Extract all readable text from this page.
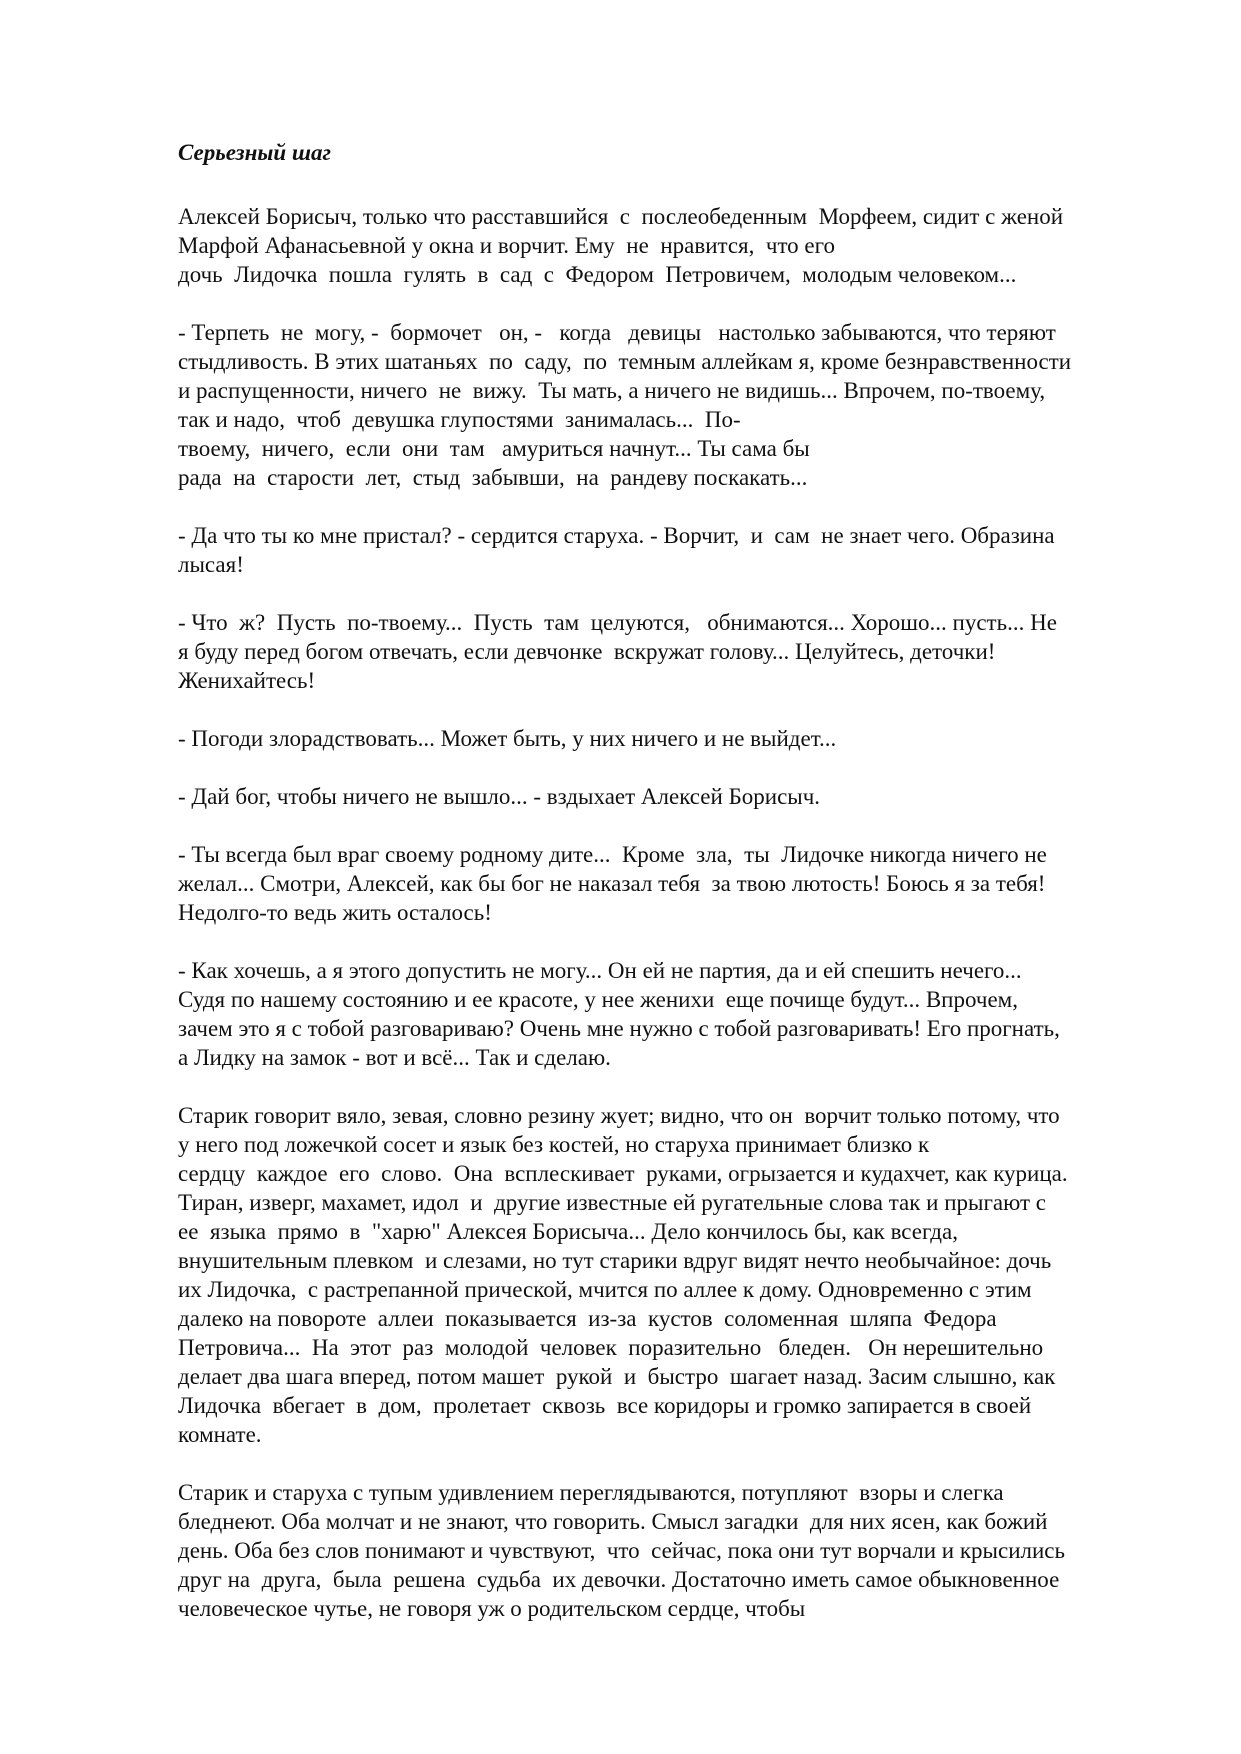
Серьезный шаг
Алексей Борисыч, только что расставшийся  с  послеобеденным  Морфеем, сидит с женой
Марфой Афанасьевной у окна и ворчит. Ему  не  нравится,  что его
дочь  Лидочка  пошла  гулять  в  сад  с  Федором  Петровичем,  молодым человеком...
- Терпеть  не  могу, -  бормочет   он, -   когда   девицы   настолько забываются, что теряют
стыдливость. В этих шатаньях  по  саду,  по  темным аллейкам я, кроме безнравственности
и распущенности, ничего  не  вижу.  Ты мать, а ничего не видишь... Впрочем, по-твоему,
так и надо,  чтоб  девушка глупостями  занималась...  По-
твоему,  ничего,  если  они  там   амуриться начнут... Ты сама бы
рада  на  старости  лет,  стыд  забывши,  на  рандеву поскакать...
- Да что ты ко мне пристал? - сердится старуха. - Ворчит,  и  сам  не знает чего. Образина
лысая!
- Что  ж?  Пусть  по-твоему...  Пусть  там  целуются,   обнимаются... Хорошо... пусть... Не
я буду перед богом отвечать, если девчонке  вскружат голову... Целуйтесь, деточки!
Женихайтесь!
- Погоди злорадствовать... Может быть, у них ничего и не выйдет...
- Дай бог, чтобы ничего не вышло... - вздыхает Алексей Борисыч.
- Ты всегда был враг своему родному дите...  Кроме  зла,  ты  Лидочке никогда ничего не
желал... Смотри, Алексей, как бы бог не наказал тебя  за твою лютость! Боюсь я за тебя!
Недолго-то ведь жить осталось!
- Как хочешь, а я этого допустить не могу... Он ей не партия, да и ей спешить нечего...
Судя по нашему состоянию и ее красоте, у нее женихи  еще почище будут... Впрочем,
зачем это я с тобой разговариваю? Очень мне нужно с тобой разговаривать! Его прогнать,
а Лидку на замок - вот и всё... Так и сделаю.
Старик говорит вяло, зевая, словно резину жует; видно, что он  ворчит только потому, что
у него под ложечкой сосет и язык без костей, но старуха принимает близко к
сердцу  каждое  его  слово.  Она  всплескивает  руками, огрызается и кудахчет, как курица.
Тиран, изверг, махамет, идол  и  другие известные ей ругательные слова так и прыгают с
ее  языка  прямо  в  "харю" Алексея Борисыча... Дело кончилось бы, как всегда,
внушительным плевком  и слезами, но тут старики вдруг видят нечто необычайное: дочь
их Лидочка,  с растрепанной прической, мчится по аллее к дому. Одновременно с этим
далеко на повороте  аллеи  показывается  из-за  кустов  соломенная  шляпа  Федора
Петровича...  На  этот  раз  молодой  человек  поразительно   бледен.   Он нерешительно
делает два шага вперед, потом машет  рукой  и  быстро  шагает назад. Засим слышно, как
Лидочка  вбегает  в  дом,  пролетает  сквозь  все коридоры и громко запирается в своей
комнате.
Старик и старуха с тупым удивлением переглядываются, потупляют  взоры и слегка
бледнеют. Оба молчат и не знают, что говорить. Смысл загадки  для них ясен, как божий
день. Оба без слов понимают и чувствуют,  что  сейчас, пока они тут ворчали и крысились
друг на  друга,  была  решена  судьба  их девочки. Достаточно иметь самое обыкновенное
человеческое чутье, не говоря уж о родительском сердце, чтобы
